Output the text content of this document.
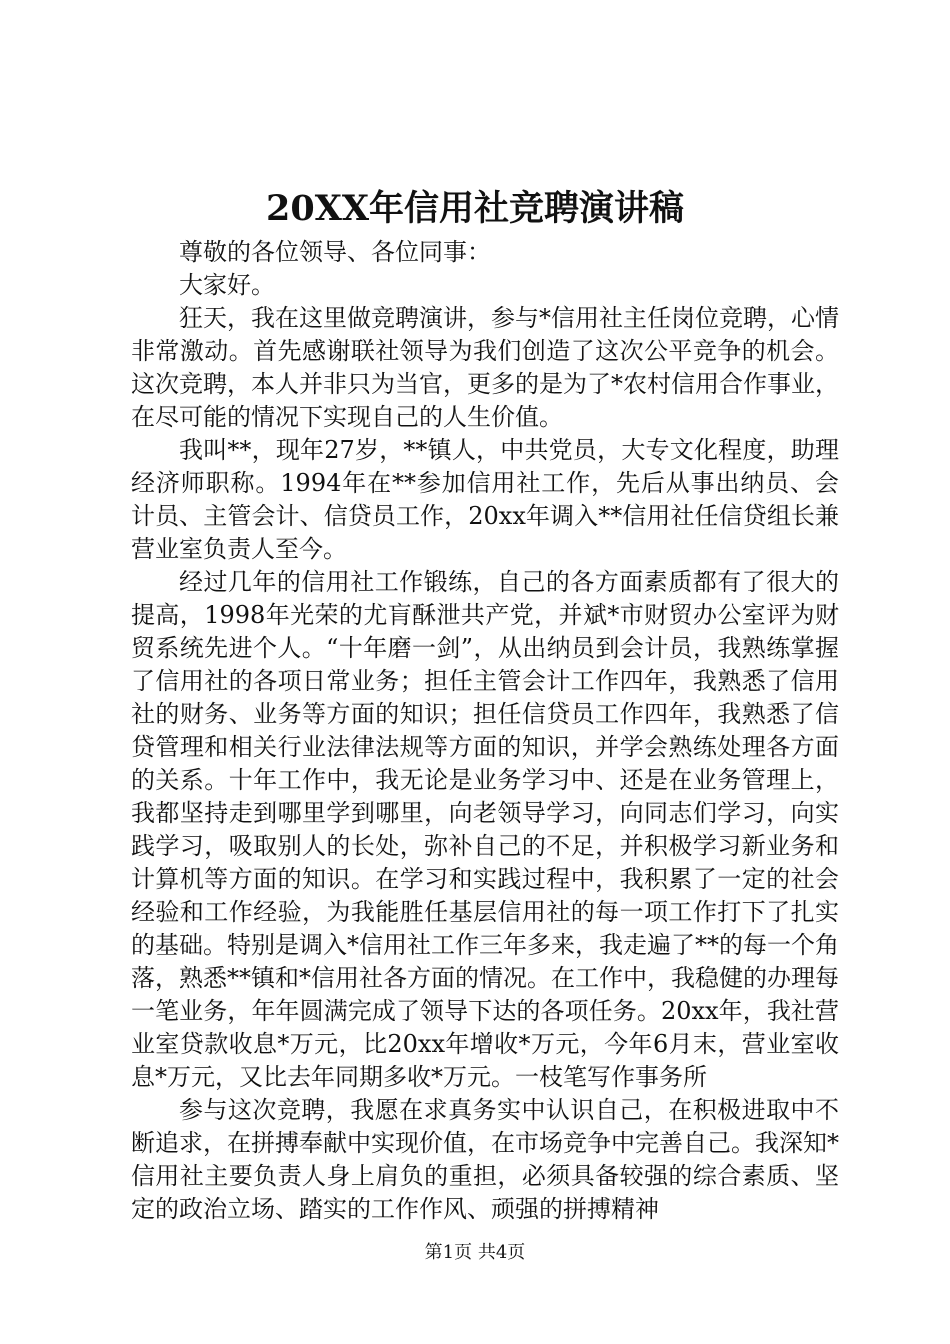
20XX年信用社竞聘演讲稿

尊敬的各位领导、各位同事：

大家好。

狂天，我在这里做竞聘演讲，参与*信用社主任岗位竞聘，心情非常激动。首先感谢联社领导为我们创造了这次公平竞争的机会。这次竞聘，本人并非只为当官，更多的是为了*农村信用合作事业，在尽可能的情况下实现自己的人生价值。

我叫**，现年27岁，**镇人，中共党员，大专文化程度，助理经济师职称。1994年在**参加信用社工作，先后从事出纳员、会计员、主管会计、信贷员工作，20xx年调入**信用社任信贷组长兼营业室负责人至今。

经过几年的信用社工作锻练，自己的各方面素质都有了很大的提高，1998年光荣的尤肓酥泄共产党，并斌*市财贸办公室评为财贸系统先进个人。“十年磨一剑”，从出纳员到会计员，我熟练掌握了信用社的各项日常业务；担任主管会计工作四年，我熟悉了信用社的财务、业务等方面的知识；担任信贷员工作四年，我熟悉了信贷管理和相关行业法律法规等方面的知识，并学会熟练处理各方面的关系。十年工作中，我无论是业务学习中、还是在业务管理上，我都坚持走到哪里学到哪里，向老领导学习，向同志们学习，向实践学习，吸取别人的长处，弥补自己的不足，并积极学习新业务和计算机等方面的知识。在学习和实践过程中，我积累了一定的社会经验和工作经验，为我能胜任基层信用社的每一项工作打下了扎实的基础。特别是调入*信用社工作三年多来，我走遍了**的每一个角落，熟悉**镇和*信用社各方面的情况。在工作中，我稳健的办理每一笔业务，年年圆满完成了领导下达的各项任务。20xx年，我社营业室贷款收息*万元，比20xx年增收*万元，今年6月末，营业室收息*万元，又比去年同期多收*万元。一枝笔写作事务所

参与这次竞聘，我愿在求真务实中认识自己，在积极进取中不断追求，在拼搏奉献中实现价值，在市场竞争中完善自己。我深知*信用社主要负责人身上肩负的重担，必须具备较强的综合素质、坚定的政治立场、踏实的工作作风、顽强的拼搏精神

第1页 共4页
